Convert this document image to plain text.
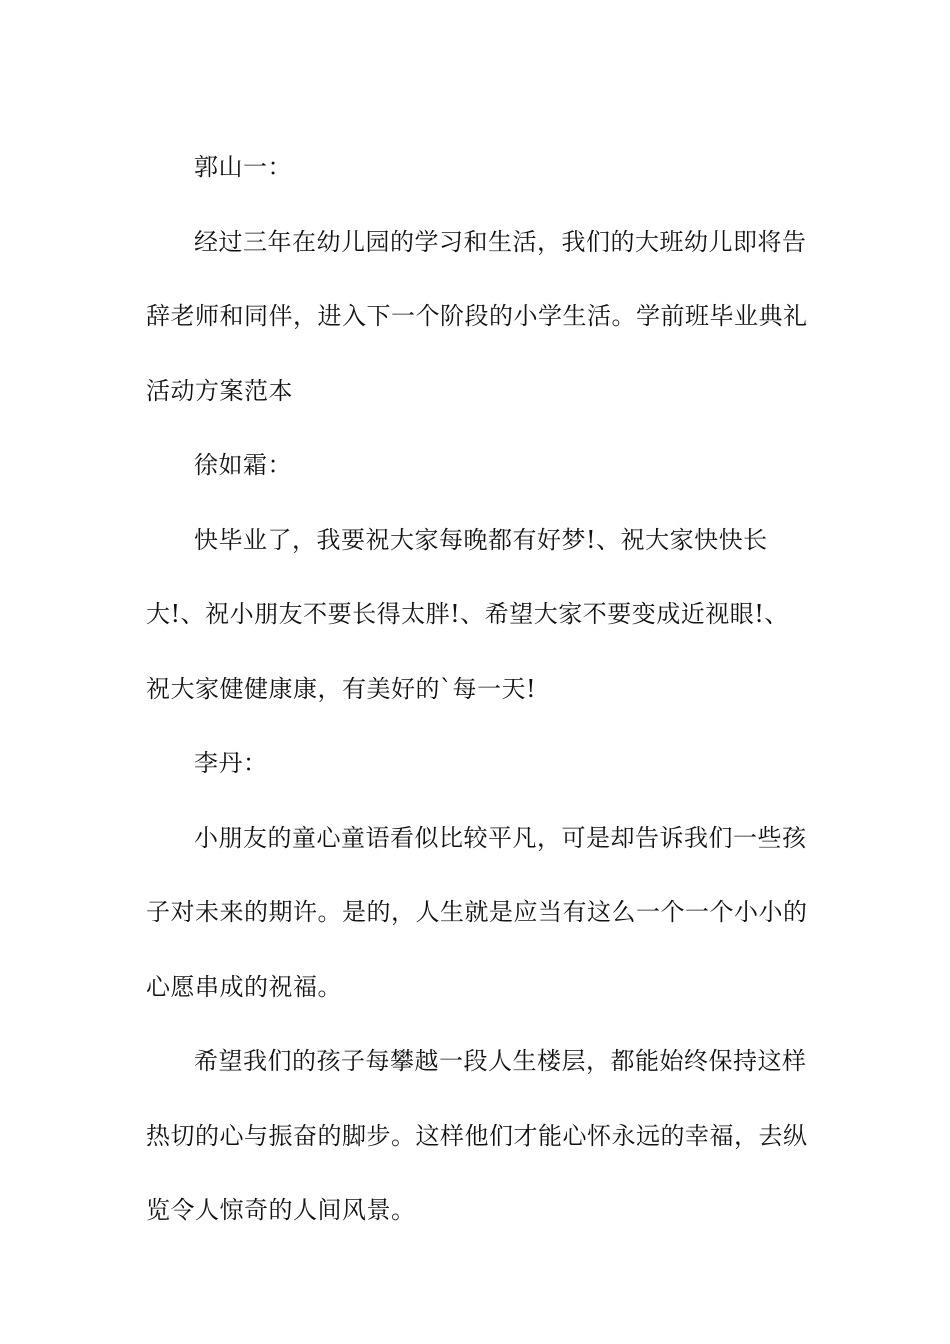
郭山一：

经过三年在幼儿园的学习和生活，我们的大班幼儿即将告辞老师和同伴，进入下一个阶段的小学生活。学前班毕业典礼活动方案范本

徐如霜：

快毕业了，我要祝大家每晚都有好梦!、祝大家快快长大!、祝小朋友不要长得太胖!、希望大家不要变成近视眼!、祝大家健健康康，有美好的`每一天!

李丹：

小朋友的童心童语看似比较平凡，可是却告诉我们一些孩子对未来的期许。是的，人生就是应当有这么一个一个小小的心愿串成的祝福。

希望我们的孩子每攀越一段人生楼层，都能始终保持这样热切的心与振奋的脚步。这样他们才能心怀永远的幸福，去纵览令人惊奇的人间风景。
